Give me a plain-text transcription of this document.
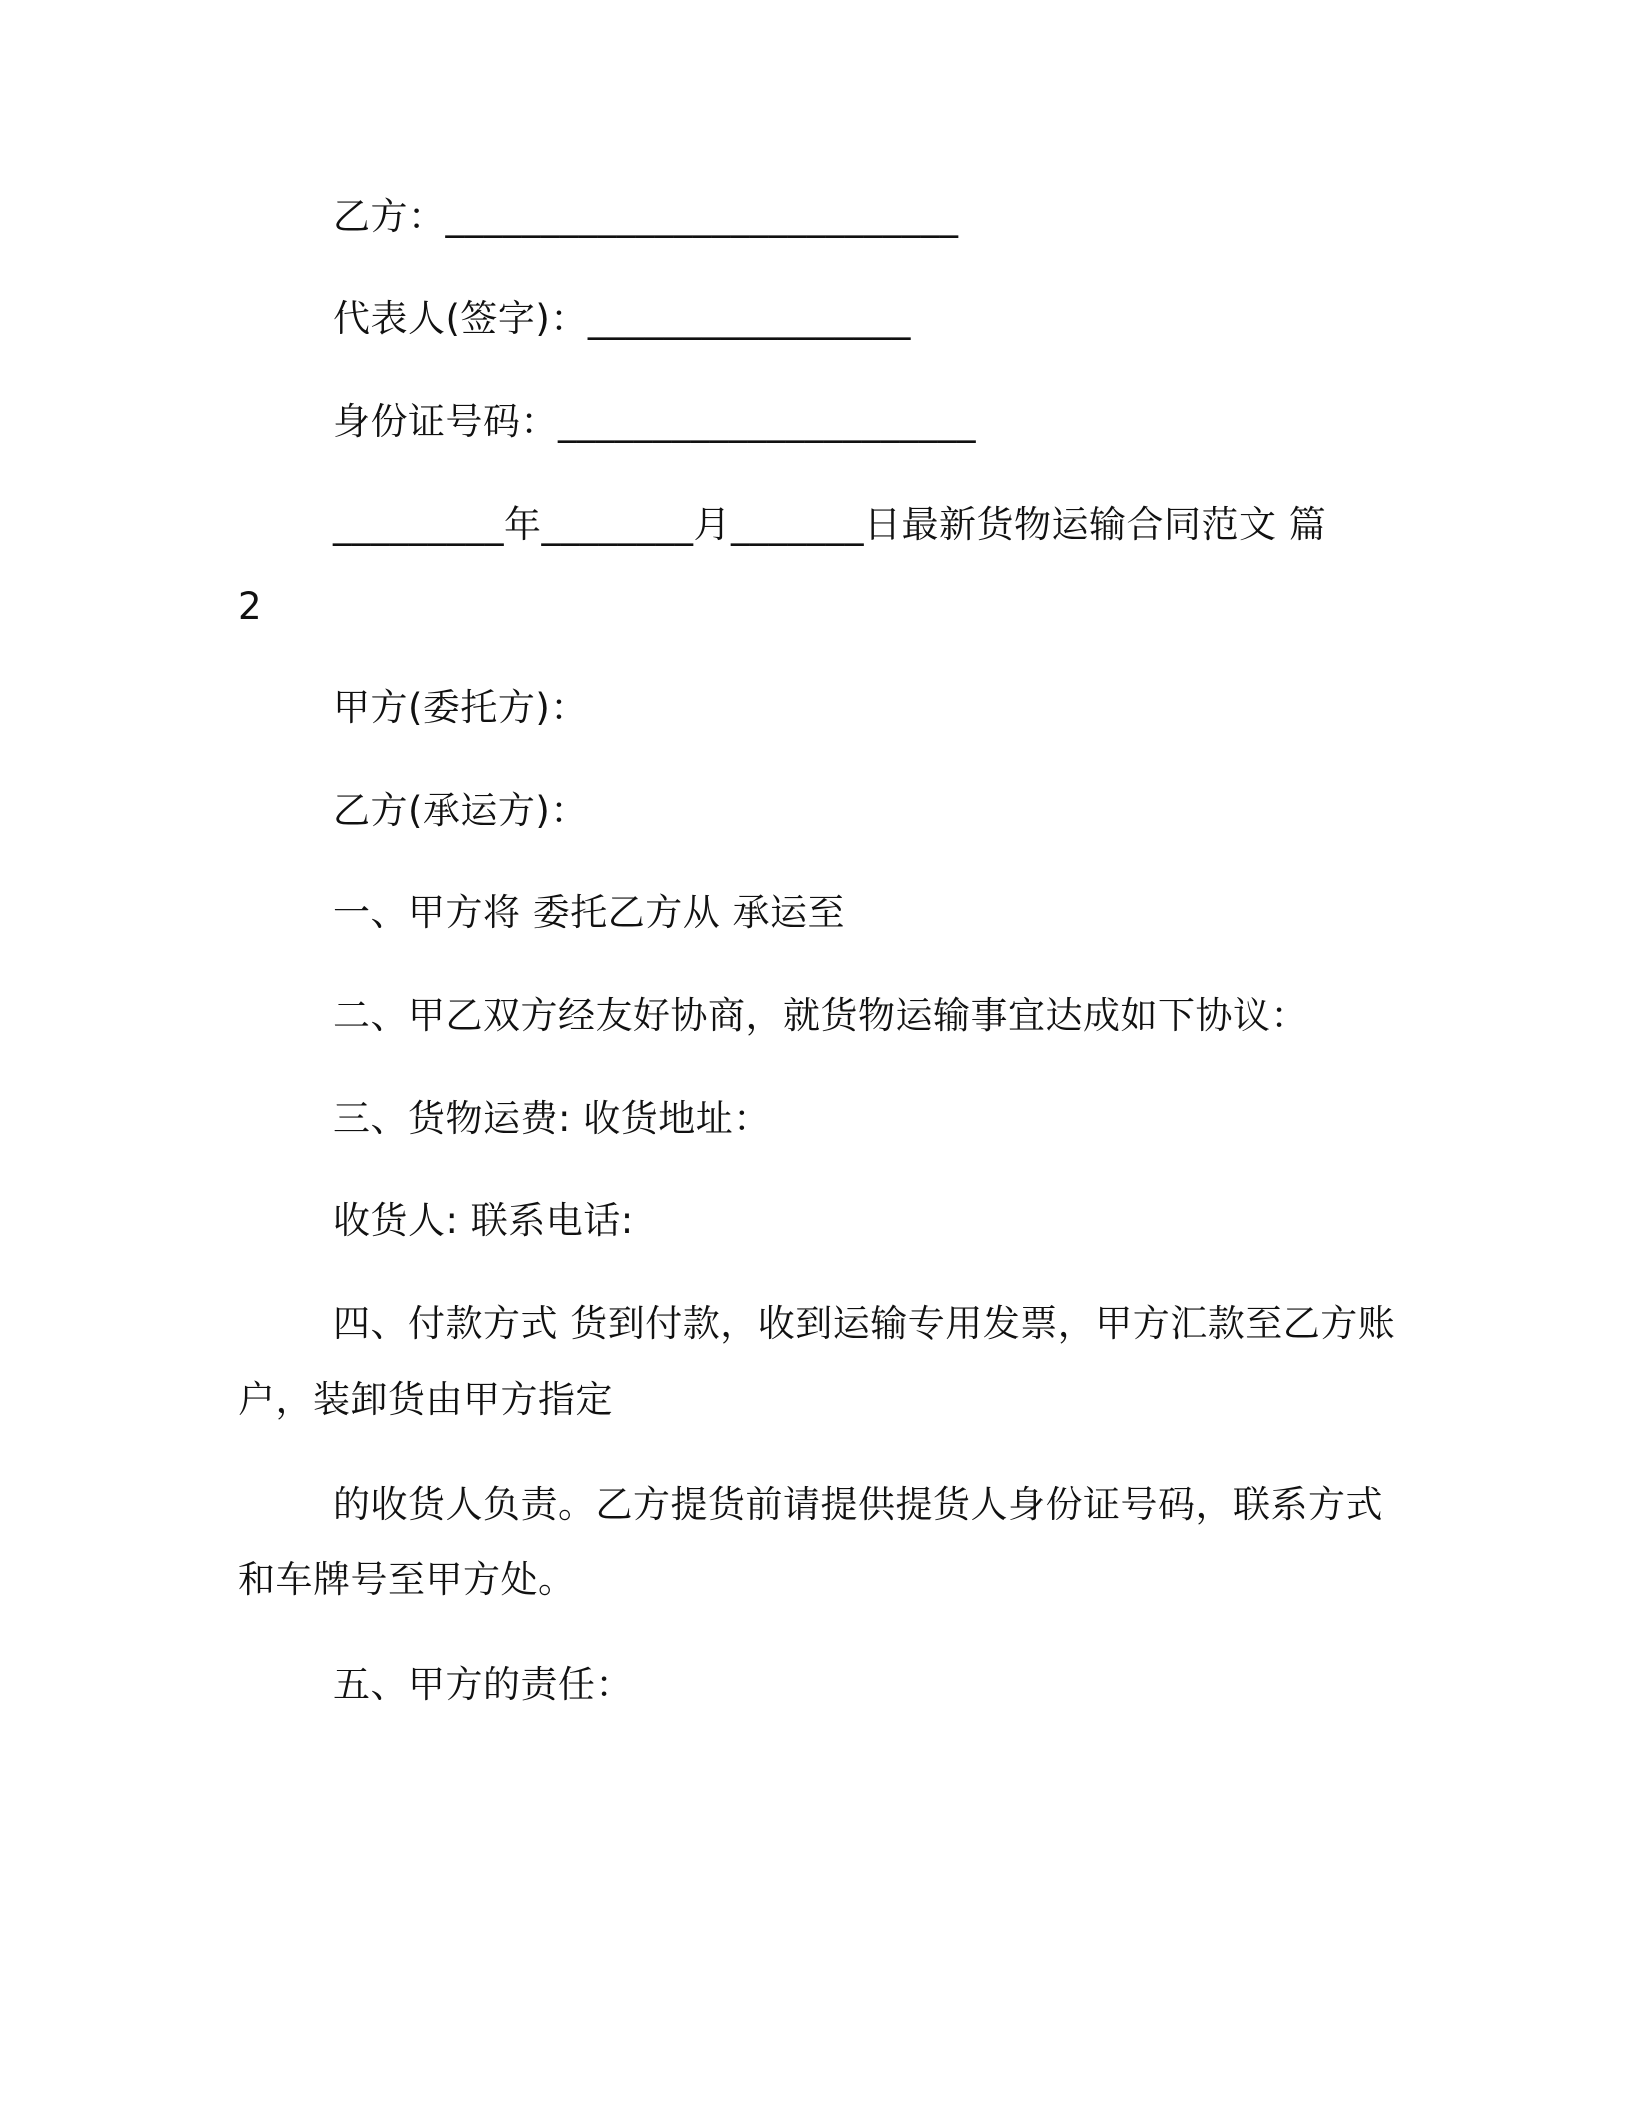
乙方：___________________________
代表人(签字)：_________________
身份证号码：______________________
_________年________月_______日最新货物运输合同范文 篇
2
甲方(委托方)：
乙方(承运方)：
一、甲方将 委托乙方从 承运至
二、甲乙双方经友好协商，就货物运输事宜达成如下协议：
三、货物运费: 收货地址：
收货人: 联系电话:
四、付款方式 货到付款，收到运输专用发票，甲方汇款至乙方账
户，装卸货由甲方指定
的收货人负责。乙方提货前请提供提货人身份证号码，联系方式
和车牌号至甲方处。
五、甲方的责任：
